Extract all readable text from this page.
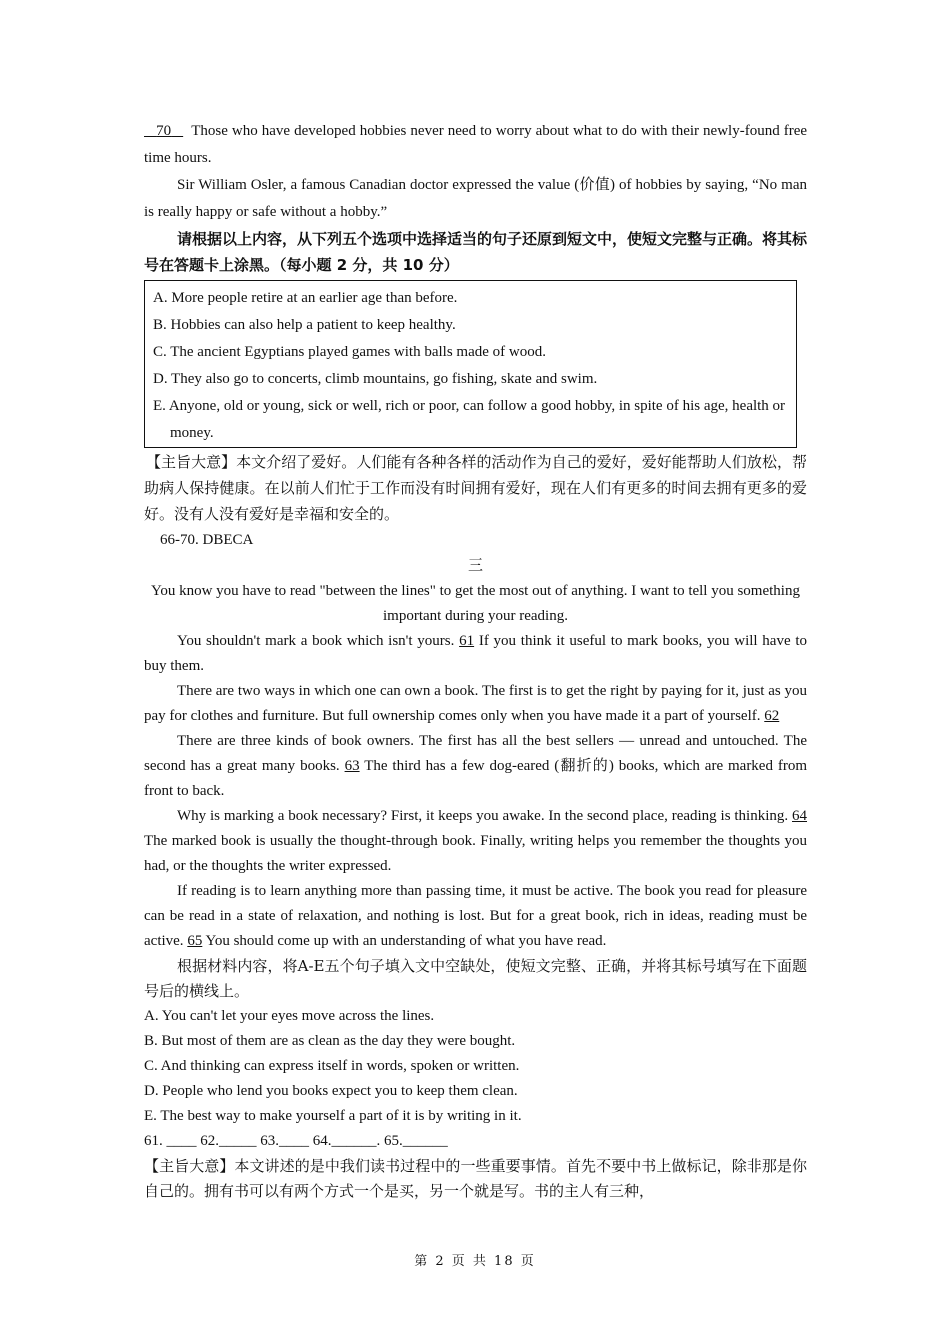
70 Those who have developed hobbies never need to worry about what to do with their newly-found free time hours.

Sir William Osler, a famous Canadian doctor expressed the value (价值) of hobbies by saying, “No man is really happy or safe without a hobby.”

请根据以上内容，从下列五个选项中选择适当的句子还原到短文中，使短文完整与正确。将其标号在答题卡上涂黑。（每小题 2 分，共 10 分）

A. More people retire at an earlier age than before.
B. Hobbies can also help a patient to keep healthy.
C. The ancient Egyptians played games with balls made of wood.
D. They also go to concerts, climb mountains, go fishing, skate and swim.
E. Anyone, old or young, sick or well, rich or poor, can follow a good hobby, in spite of his age, health or money.

【主旨大意】本文介绍了爱好。人们能有各种各样的活动作为自己的爱好，爱好能帮助人们放松，帮助病人保持健康。在以前人们忙于工作而没有时间拥有爱好，现在人们有更多的时间去拥有更多的爱好。没有人没有爱好是幸福和安全的。

66-70. DBECA

三

You know you have to read "between the lines" to get the most out of anything. I want to tell you something important during your reading.

You shouldn't mark a book which isn't yours. 61 If you think it useful to mark books, you will have to buy them.

There are two ways in which one can own a book. The first is to get the right by paying for it, just as you pay for clothes and furniture. But full ownership comes only when you have made it a part of yourself. 62

There are three kinds of book owners. The first has all the best sellers — unread and untouched. The second has a great many books. 63 The third has a few dog-eared (翻折的) books, which are marked from front to back.

Why is marking a book necessary? First, it keeps you awake. In the second place, reading is thinking. 64 The marked book is usually the thought-through book. Finally, writing helps you remember the thoughts you had, or the thoughts the writer expressed.

If reading is to learn anything more than passing time, it must be active. The book you read for pleasure can be read in a state of relaxation, and nothing is lost. But for a great book, rich in ideas, reading must be active. 65 You should come up with an understanding of what you have read.

根据材料内容，将A-E五个句子填入文中空缺处，使短文完整、正确，并将其标号填写在下面题号后的横线上。

A. You can't let your eyes move across the lines.
B. But most of them are as clean as the day they were bought.
C. And thinking can express itself in words, spoken or written.
D. People who lend you books expect you to keep them clean.
E. The best way to make yourself a part of it is by writing in it.
61. ____ 62._____ 63.____ 64.______. 65.______

【主旨大意】本文讲述的是中我们读书过程中的一些重要事情。首先不要中书上做标记，除非那是你自己的。拥有书可以有两个方式一个是买，另一个就是写。书的主人有三种，

第 2 页 共 18 页
